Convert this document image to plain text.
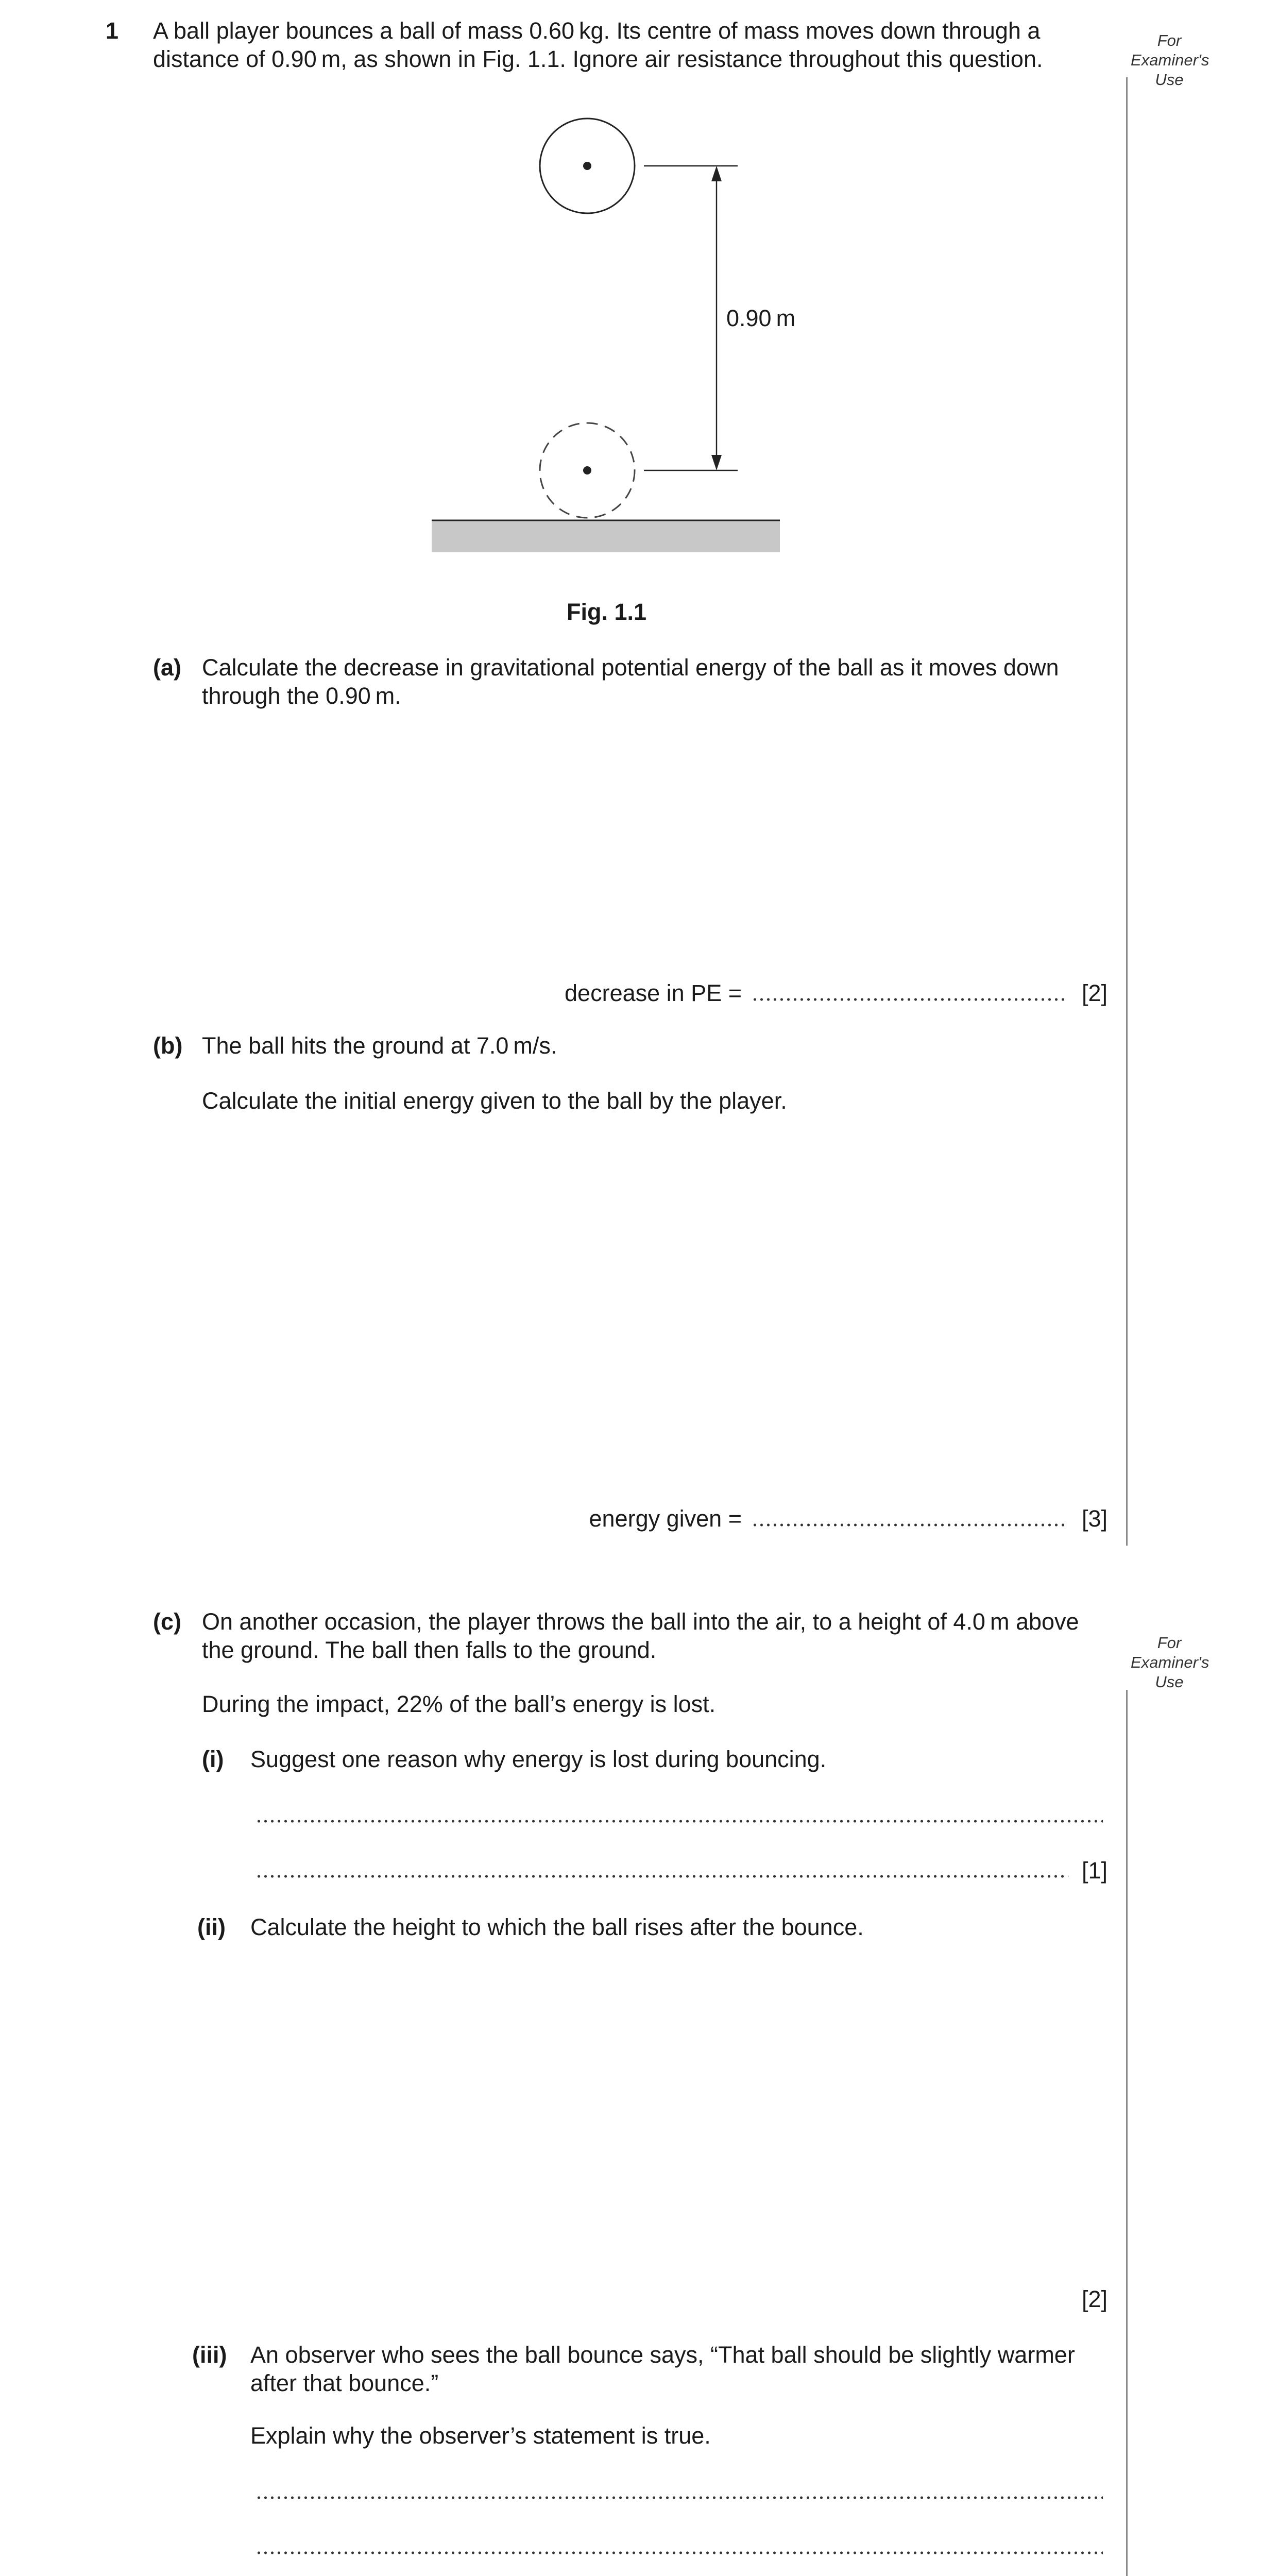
For
Examiner's
Use
For
Examiner's
Use
1 A ball player bounces a ball of mass 0.60 kg. Its centre of mass moves down through a
distance of 0.90 m, as shown in Fig. 1.1. Ignore air resistance throughout this question.
0.90 m
Fig. 1.1
(a) Calculate the decrease in gravitational potential energy of the ball as it moves down
through the 0.90 m.
decrease in PE =	[2]
(b) The ball hits the ground at 7.0 m/s.
Calculate the initial energy given to the ball by the player.
energy given =	[3]
(c) On another occasion, the player throws the ball into the air, to a height of 4.0 m above
the ground. The ball then falls to the ground.
During the impact, 22% of the ball’s energy is lost.
(i) Suggest one reason why energy is lost during bouncing.
[1]
(ii) Calculate the height to which the ball rises after the bounce.
[2]
(iii) An observer who sees the ball bounce says, “That ball should be slightly warmer
after that bounce.”
Explain why the observer’s statement is true.
